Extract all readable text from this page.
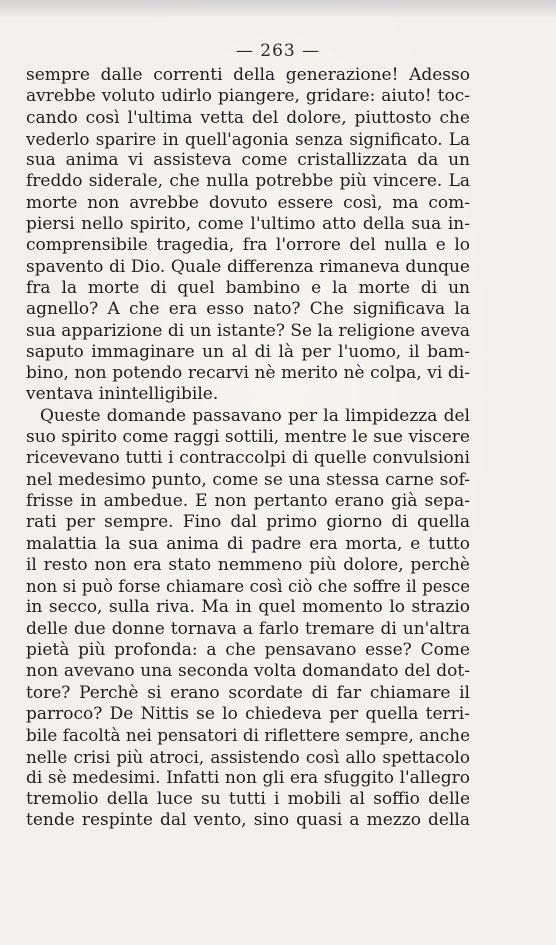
— 263 —
sempre dalle correnti della generazione! Adesso
avrebbe voluto udirlo piangere, gridare: aiuto! toc-
cando così l'ultima vetta del dolore, piuttosto che
vederlo sparire in quell'agonia senza significato. La
sua anima vi assisteva come cristallizzata da un
freddo siderale, che nulla potrebbe più vincere. La
morte non avrebbe dovuto essere così, ma com-
piersi nello spirito, come l'ultimo atto della sua in-
comprensibile tragedia, fra l'orrore del nulla e lo
spavento di Dio. Quale differenza rimaneva dunque
fra la morte di quel bambino e la morte di un
agnello? A che era esso nato? Che significava la
sua apparizione di un istante? Se la religione aveva
saputo immaginare un al di là per l'uomo, il bam-
bino, non potendo recarvi nè merito nè colpa, vi di-
ventava inintelligibile.
Queste domande passavano per la limpidezza del
suo spirito come raggi sottili, mentre le sue viscere
ricevevano tutti i contraccolpi di quelle convulsioni
nel medesimo punto, come se una stessa carne sof-
frisse in ambedue. E non pertanto erano già sepa-
rati per sempre. Fino dal primo giorno di quella
malattia la sua anima di padre era morta, e tutto
il resto non era stato nemmeno più dolore, perchè
non si può forse chiamare così ciò che soffre il pesce
in secco, sulla riva. Ma in quel momento lo strazio
delle due donne tornava a farlo tremare di un'altra
pietà più profonda: a che pensavano esse? Come
non avevano una seconda volta domandato del dot-
tore? Perchè si erano scordate di far chiamare il
parroco? De Nittis se lo chiedeva per quella terri-
bile facoltà nei pensatori di riflettere sempre, anche
nelle crisi più atroci, assistendo così allo spettacolo
di sè medesimi. Infatti non gli era sfuggito l'allegro
tremolio della luce su tutti i mobili al soffio delle
tende respinte dal vento, sino quasi a mezzo della
